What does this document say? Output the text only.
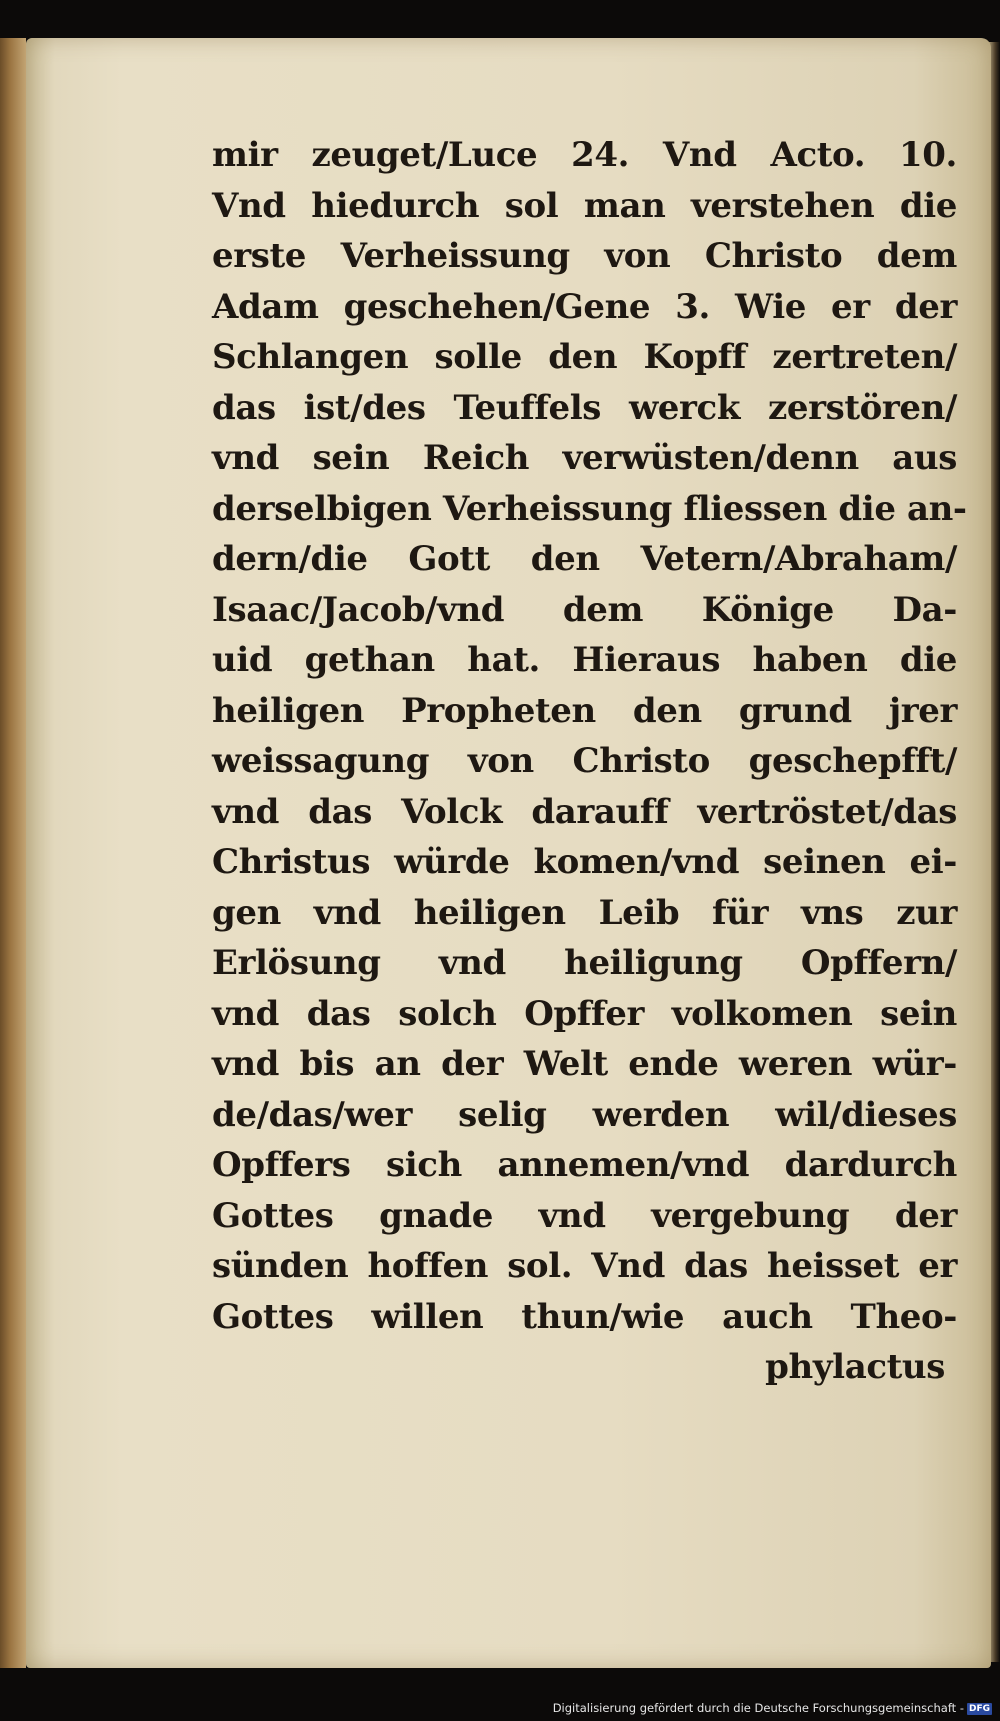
mir zeuget/Luce 24. Vnd Acto. 10.
Vnd hiedurch sol man verstehen die
erste Verheissung von Christo dem
Adam geschehen/Gene 3. Wie er der
Schlangen solle den Kopff zertreten/
das ist/des Teuffels werck zerstören/
vnd sein Reich verwüsten/denn aus
derselbigen Verheissung fliessen die an-
dern/die Gott den Vetern/Abraham/
Isaac/Jacob/vnd dem Könige Da-
uid gethan hat. Hieraus haben die
heiligen Propheten den grund jrer
weissagung von Christo geschepfft/
vnd das Volck darauff vertröstet/das
Christus würde komen/vnd seinen ei-
gen vnd heiligen Leib für vns zur
Erlösung vnd heiligung Opffern/
vnd das solch Opffer volkomen sein
vnd bis an der Welt ende weren wür-
de/das/wer selig werden wil/dieses
Opffers sich annemen/vnd dardurch
Gottes gnade vnd vergebung der
sünden hoffen sol. Vnd das heisset er
Gottes willen thun/wie auch Theo-
phylactus
Digitalisierung gefördert durch die Deutsche Forschungsgemeinschaft - DFG
